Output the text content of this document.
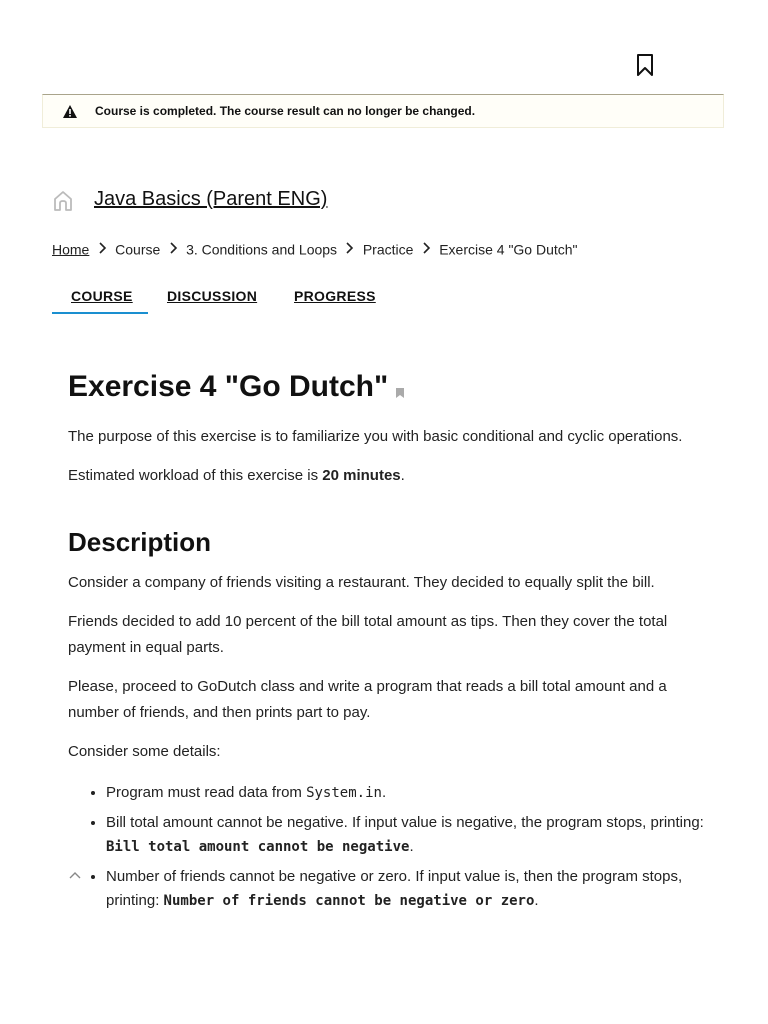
Course is completed. The course result can no longer be changed.
Java Basics (Parent ENG)
Home Course 3. Conditions and Loops Practice Exercise 4 "Go Dutch"
COURSE DISCUSSION	PROGRESS
Exercise 4 "Go Dutch"

The purpose of this exercise is to familiarize you with basic conditional and cyclic operations.

Estimated workload of this exercise is 20 minutes.

Description

Consider a company of friends visiting a restaurant. They decided to equally split the bill.

Friends decided to add 10 percent of the bill total amount as tips. Then they cover the total payment in equal parts.

Please, proceed to GoDutch class and write a program that reads a bill total amount and a number of friends, and then prints part to pay.

Consider some details:

• Program must read data from System.in.
• Bill total amount cannot be negative. If input value is negative, the program stops, printing: Bill total amount cannot be negative.
• Number of friends cannot be negative or zero. If input value is, then the program stops, printing: Number of friends cannot be negative or zero.
